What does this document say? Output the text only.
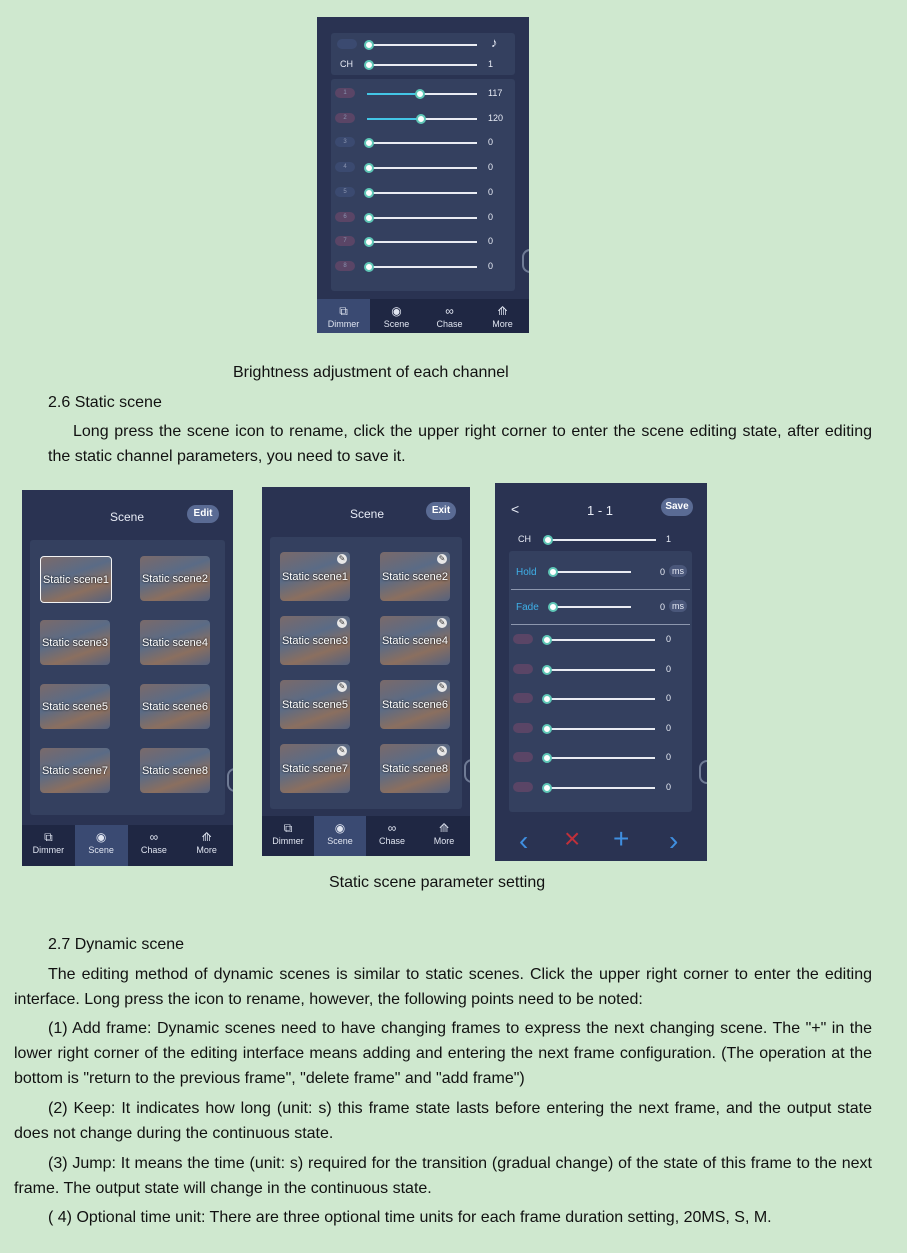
♪
CH	1
1	117
2	120
3	0
4	0
5	0
6	0
7	0
8	0
⧉
Dimmer
◉
Scene
∞
Chase
⟰
More
Brightness adjustment of each channel
2.6 Static scene
Long press the scene icon to rename, click the upper right corner to enter the scene editing state, after editing the static channel parameters, you need to save it.
Scene	Edit
Static scene1	Static scene2
Static scene3	Static scene4
Static scene5	Static scene6
Static scene7	Static scene8
⧉
Dimmer
◉
Scene
∞
Chase
⟰
More
Scene	Exit
Static scene1
✎
Static scene2
✎
Static scene3
✎
Static scene4
✎
Static scene5
✎
Static scene6
✎
Static scene7
✎
Static scene8
✎
⧉
Dimmer
◉
Scene
∞
Chase
⟰
More
<	1 - 1	Save
CH	1
Hold	0 ms
Fade	0 ms
0
0
0
0
0
0
‹ × + ›
Static scene parameter setting
2.7 Dynamic scene
The editing method of dynamic scenes is similar to static scenes. Click the upper right corner to enter the editing interface. Long press the icon to rename, however, the following points need to be noted:
(1) Add frame: Dynamic scenes need to have changing frames to express the next changing scene. The "+" in the lower right corner of the editing interface means adding and entering the next frame configuration. (The operation at the bottom is "return to the previous frame", "delete frame" and "add frame")
(2) Keep: It indicates how long (unit: s) this frame state lasts before entering the next frame, and the output state does not change during the continuous state.
(3) Jump: It means the time (unit: s) required for the transition (gradual change) of the state of this frame to the next frame. The output state will change in the continuous state.
( 4) Optional time unit: There are three optional time units for each frame duration setting, 20MS, S, M.
